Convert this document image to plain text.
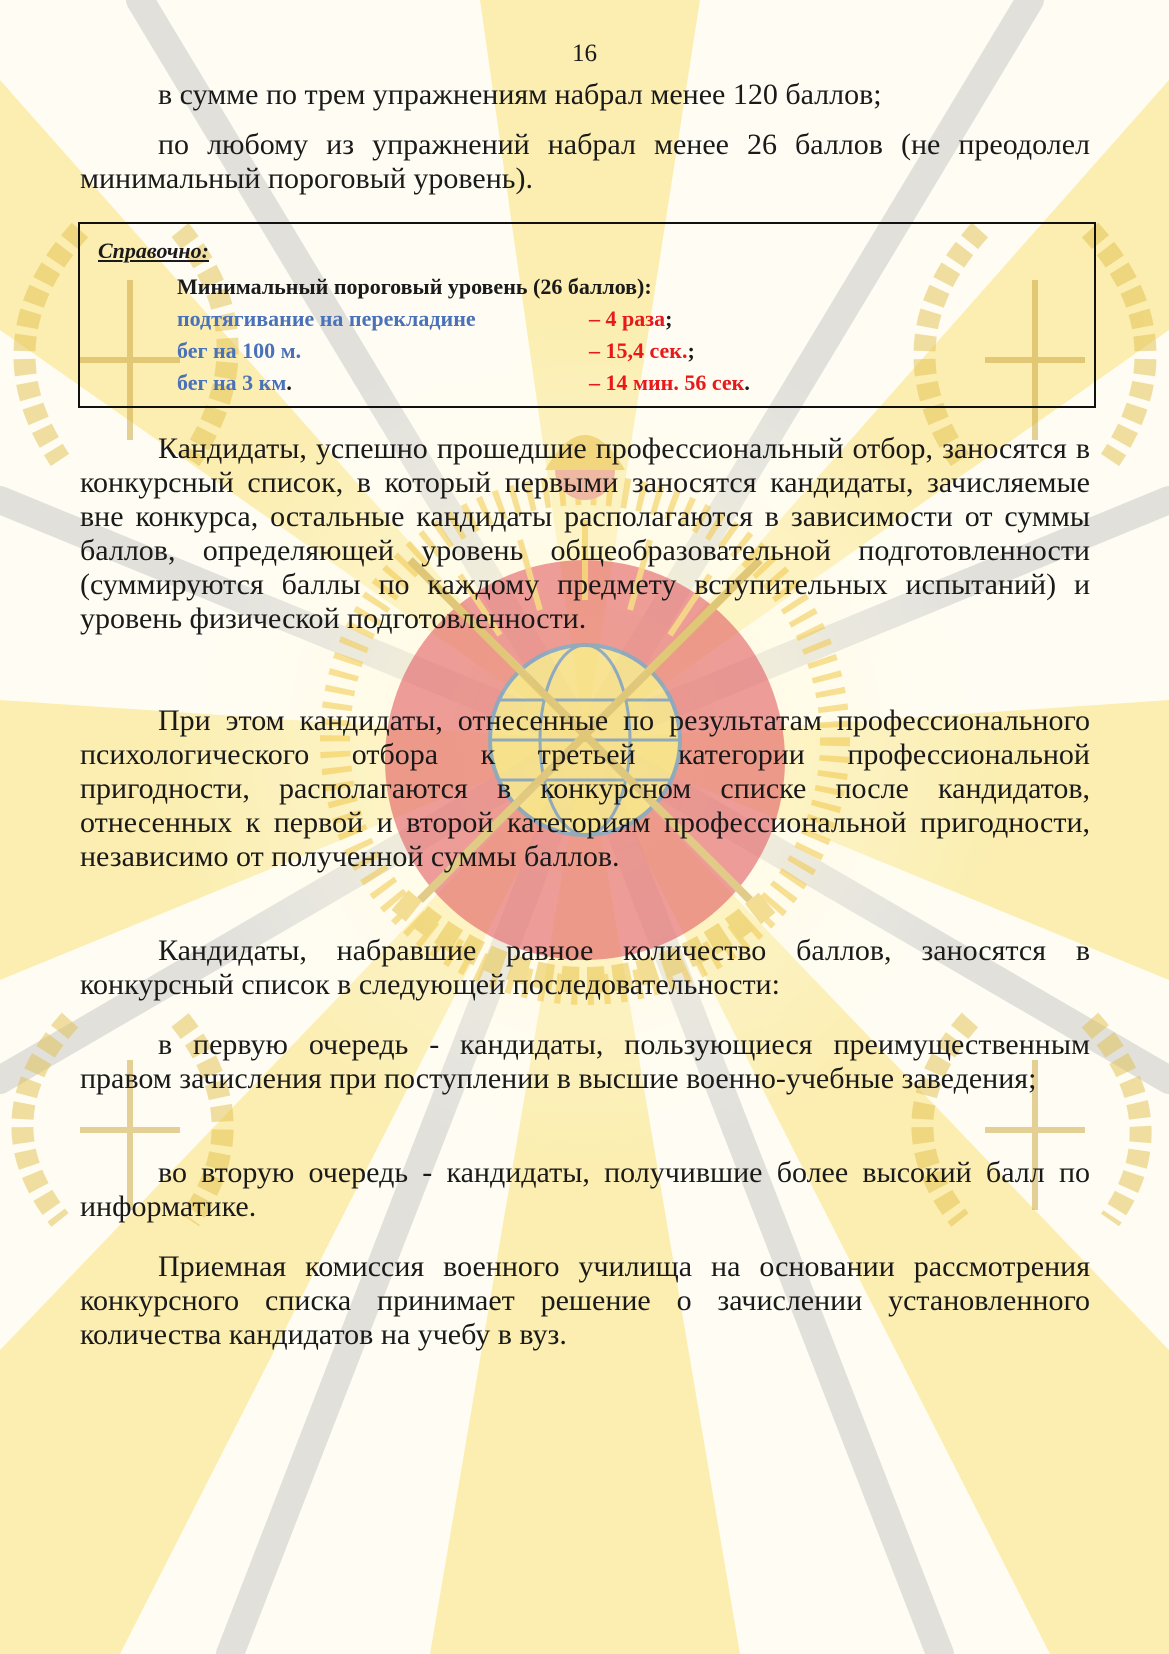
16

в сумме по трем упражнениям набрал менее 120 баллов;

по любому из упражнений набрал менее 26 баллов (не преодолел минимальный пороговый уровень).

Справочно:
Минимальный пороговый уровень (26 баллов):
подтягивание на перекладине	– 4 раза;
бег на 100 м.	– 15,4 сек.;
бег на 3 км.	– 14 мин. 56 сек.

Кандидаты, успешно прошедшие профессиональный отбор, заносятся в конкурсный список, в который первыми заносятся кандидаты, зачисляемые вне конкурса, остальные кандидаты располагаются в зависимости от суммы баллов, определяющей уровень общеобразовательной подготовленности (суммируются баллы по каждому предмету вступительных испытаний) и уровень физической подготовленности.

При этом кандидаты, отнесенные по результатам профессионального психологического отбора к третьей категории профессиональной пригодности, располагаются в конкурсном списке после кандидатов, отнесенных к первой и второй категориям профессиональной пригодности, независимо от полученной суммы баллов.

Кандидаты, набравшие равное количество баллов, заносятся в конкурсный список в следующей последовательности:

в первую очередь - кандидаты, пользующиеся преимущественным правом зачисления при поступлении в высшие военно-учебные заведения;

во вторую очередь - кандидаты, получившие более высокий балл по информатике.

Приемная комиссия военного училища на основании рассмотрения конкурсного списка принимает решение о зачислении установленного количества кандидатов на учебу в вуз.
